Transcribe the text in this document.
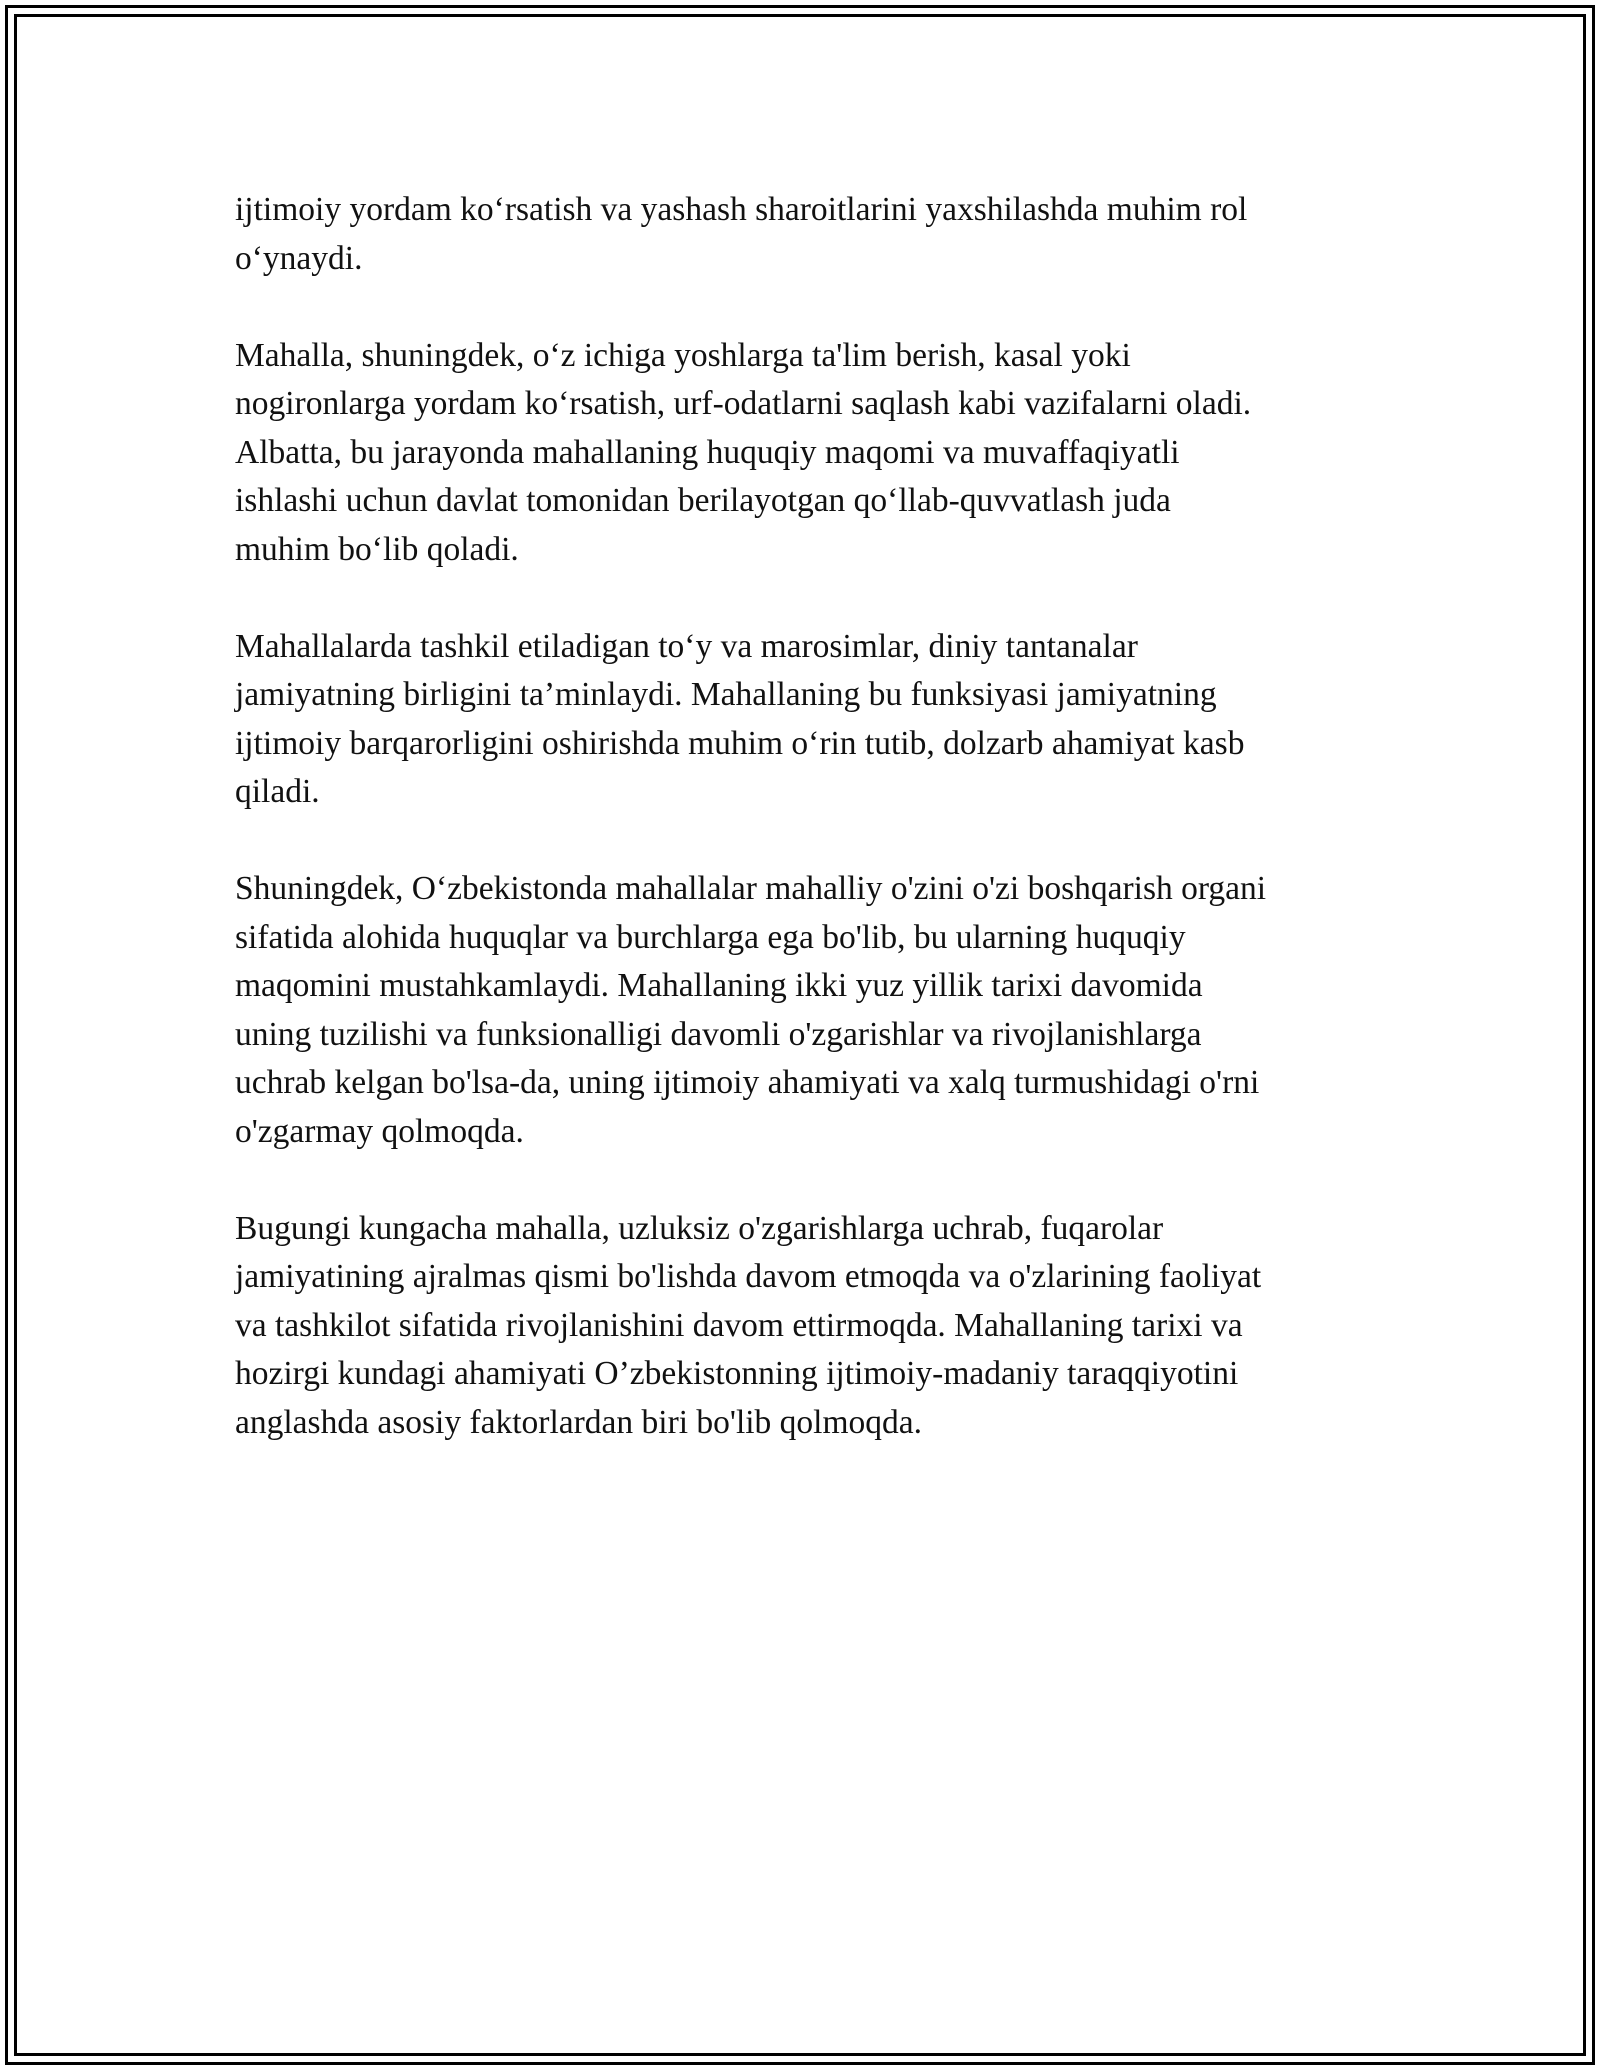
ijtimoiy yordam ko‘rsatish va yashash sharoitlarini yaxshilashda muhim rol
o‘ynaydi.

Mahalla, shuningdek, o‘z ichiga yoshlarga ta'lim berish, kasal yoki
nogironlarga yordam ko‘rsatish, urf-odatlarni saqlash kabi vazifalarni oladi.
Albatta, bu jarayonda mahallaning huquqiy maqomi va muvaffaqiyatli
ishlashi uchun davlat tomonidan berilayotgan qo‘llab-quvvatlash juda
muhim bo‘lib qoladi.

Mahallalarda tashkil etiladigan to‘y va marosimlar, diniy tantanalar
jamiyatning birligini ta’minlaydi. Mahallaning bu funksiyasi jamiyatning
ijtimoiy barqarorligini oshirishda muhim o‘rin tutib, dolzarb ahamiyat kasb
qiladi.

Shuningdek, O‘zbekistonda mahallalar mahalliy o'zini o'zi boshqarish organi
sifatida alohida huquqlar va burchlarga ega bo'lib, bu ularning huquqiy
maqomini mustahkamlaydi. Mahallaning ikki yuz yillik tarixi davomida
uning tuzilishi va funksionalligi davomli o'zgarishlar va rivojlanishlarga
uchrab kelgan bo'lsa-da, uning ijtimoiy ahamiyati va xalq turmushidagi o'rni
o'zgarmay qolmoqda.

Bugungi kungacha mahalla, uzluksiz o'zgarishlarga uchrab, fuqarolar
jamiyatining ajralmas qismi bo'lishda davom etmoqda va o'zlarining faoliyat
va tashkilot sifatida rivojlanishini davom ettirmoqda. Mahallaning tarixi va
hozirgi kundagi ahamiyati O’zbekistonning ijtimoiy-madaniy taraqqiyotini
anglashda asosiy faktorlardan biri bo'lib qolmoqda.
